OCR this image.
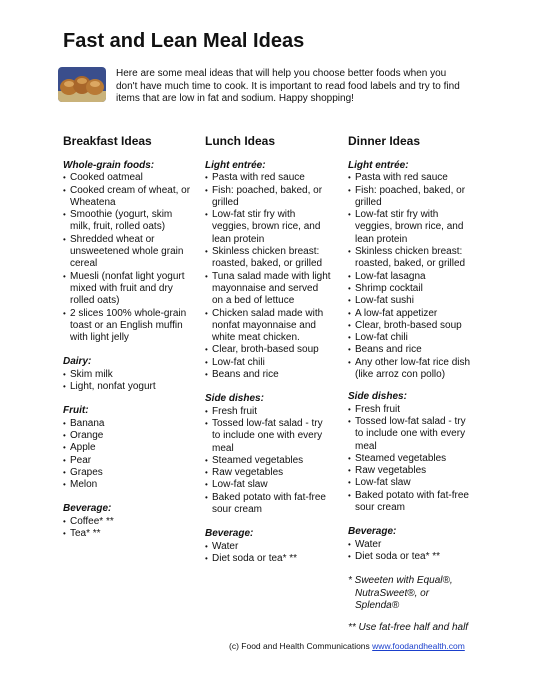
Fast and Lean Meal Ideas

Here are some meal ideas that will help you choose better foods when you don't have much time to cook. It is important to read food labels and try to find items that are low in fat and sodium. Happy shopping!

Breakfast Ideas
Whole-grain foods:
• Cooked oatmeal
• Cooked cream of wheat, or Wheatena
• Smoothie (yogurt, skim milk, fruit, rolled oats)
• Shredded wheat or unsweetened whole grain cereal
• Muesli (nonfat light yogurt mixed with fruit and dry rolled oats)
• 2 slices 100% whole-grain toast or an English muffin with light jelly
Dairy:
• Skim milk
• Light, nonfat yogurt
Fruit:
• Banana
• Orange
• Apple
• Pear
• Grapes
• Melon
Beverage:
• Coffee* **
• Tea* **
Lunch Ideas
Light entrée:
• Pasta with red sauce
• Fish: poached, baked, or grilled
• Low-fat stir fry with veggies, brown rice, and lean protein
• Skinless chicken breast: roasted, baked, or grilled
• Tuna salad made with light mayonnaise and served on a bed of lettuce
• Chicken salad made with nonfat mayonnaise and white meat chicken.
• Clear, broth-based soup
• Low-fat chili
• Beans and rice
Side dishes:
• Fresh fruit
• Tossed low-fat salad - try to include one with every meal
• Steamed vegetables
• Raw vegetables
• Low-fat slaw
• Baked potato with fat-free sour cream
Beverage:
• Water
• Diet soda or tea* **
Dinner Ideas
Light entrée:
• Pasta with red sauce
• Fish: poached, baked, or grilled
• Low-fat stir fry with veggies, brown rice, and lean protein
• Skinless chicken breast: roasted, baked, or grilled
• Low-fat lasagna
• Shrimp cocktail
• Low-fat sushi
• A low-fat appetizer
• Clear, broth-based soup
• Low-fat chili
• Beans and rice
• Any other low-fat rice dish (like arroz con pollo)
Side dishes:
• Fresh fruit
• Tossed low-fat salad - try to include one with every meal
• Steamed vegetables
• Raw vegetables
• Low-fat slaw
• Baked potato with fat-free sour cream
Beverage:
• Water
• Diet soda or tea* **

* Sweeten with Equal®,

NutraSweet®, or Splenda®

** Use fat-free half and half

(c) Food and Health Communications www.foodandhealth.com
